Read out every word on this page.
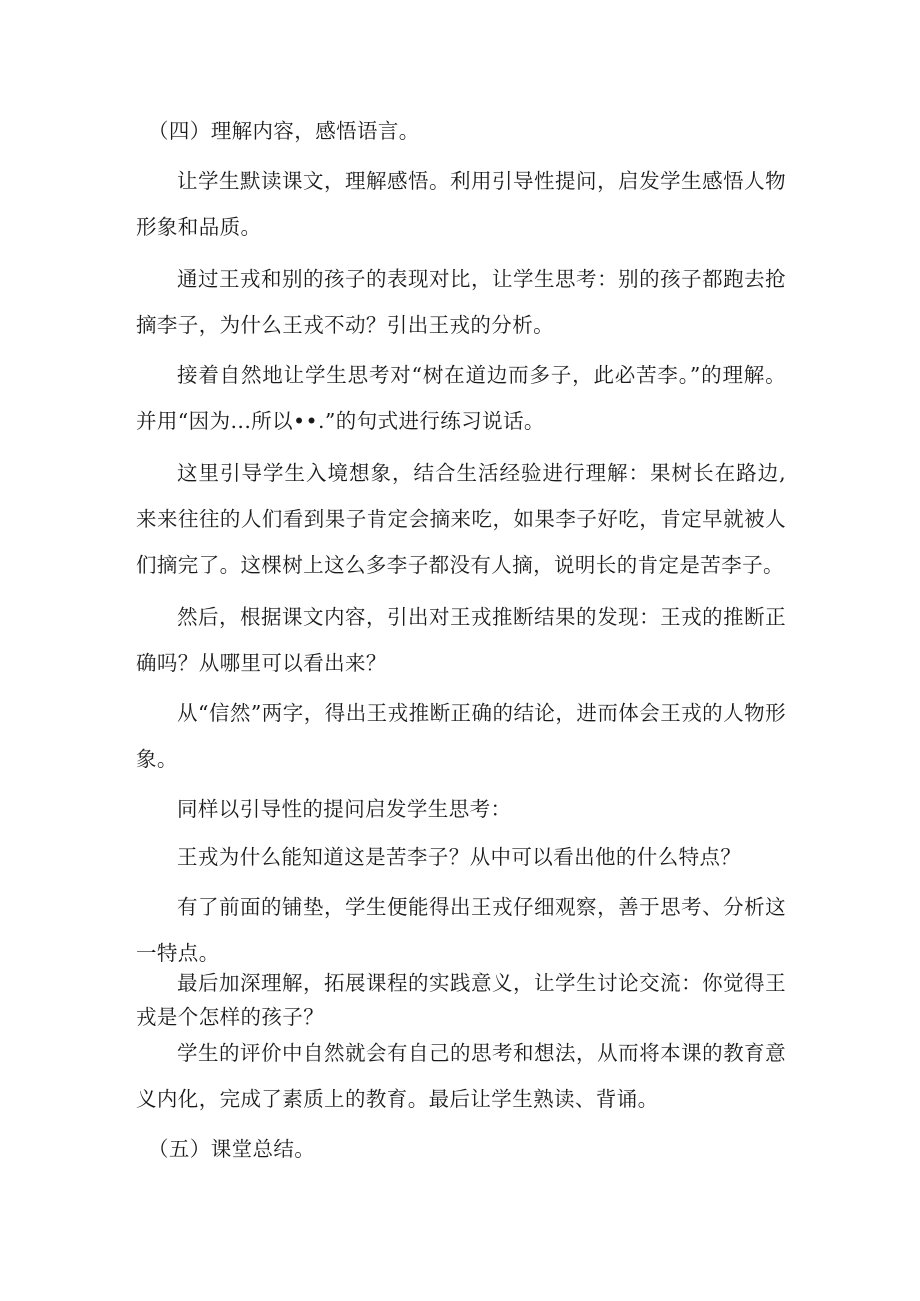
（四）理解内容，感悟语言。

让学生默读课文，理解感悟。利用引导性提问，启发学生感悟人物形象和品质。

通过王戎和别的孩子的表现对比，让学生思考：别的孩子都跑去抢摘李子，为什么王戎不动？引出王戎的分析。

接着自然地让学生思考对“树在道边而多子，此必苦李。”的理解。并用“因为...所以••.”的句式进行练习说话。

这里引导学生入境想象，结合生活经验进行理解：果树长在路边,来来往往的人们看到果子肯定会摘来吃，如果李子好吃，肯定早就被人们摘完了。这棵树上这么多李子都没有人摘，说明长的肯定是苦李子。

然后，根据课文内容，引出对王戎推断结果的发现：王戎的推断正确吗？从哪里可以看出来？

从“信然”两字，得出王戎推断正确的结论，进而体会王戎的人物形象。

同样以引导性的提问启发学生思考：

王戎为什么能知道这是苦李子？从中可以看出他的什么特点？

有了前面的铺垫，学生便能得出王戎仔细观察，善于思考、分析这一特点。

最后加深理解，拓展课程的实践意义，让学生讨论交流：你觉得王戎是个怎样的孩子？

学生的评价中自然就会有自己的思考和想法，从而将本课的教育意义内化，完成了素质上的教育。最后让学生熟读、背诵。

（五）课堂总结。
